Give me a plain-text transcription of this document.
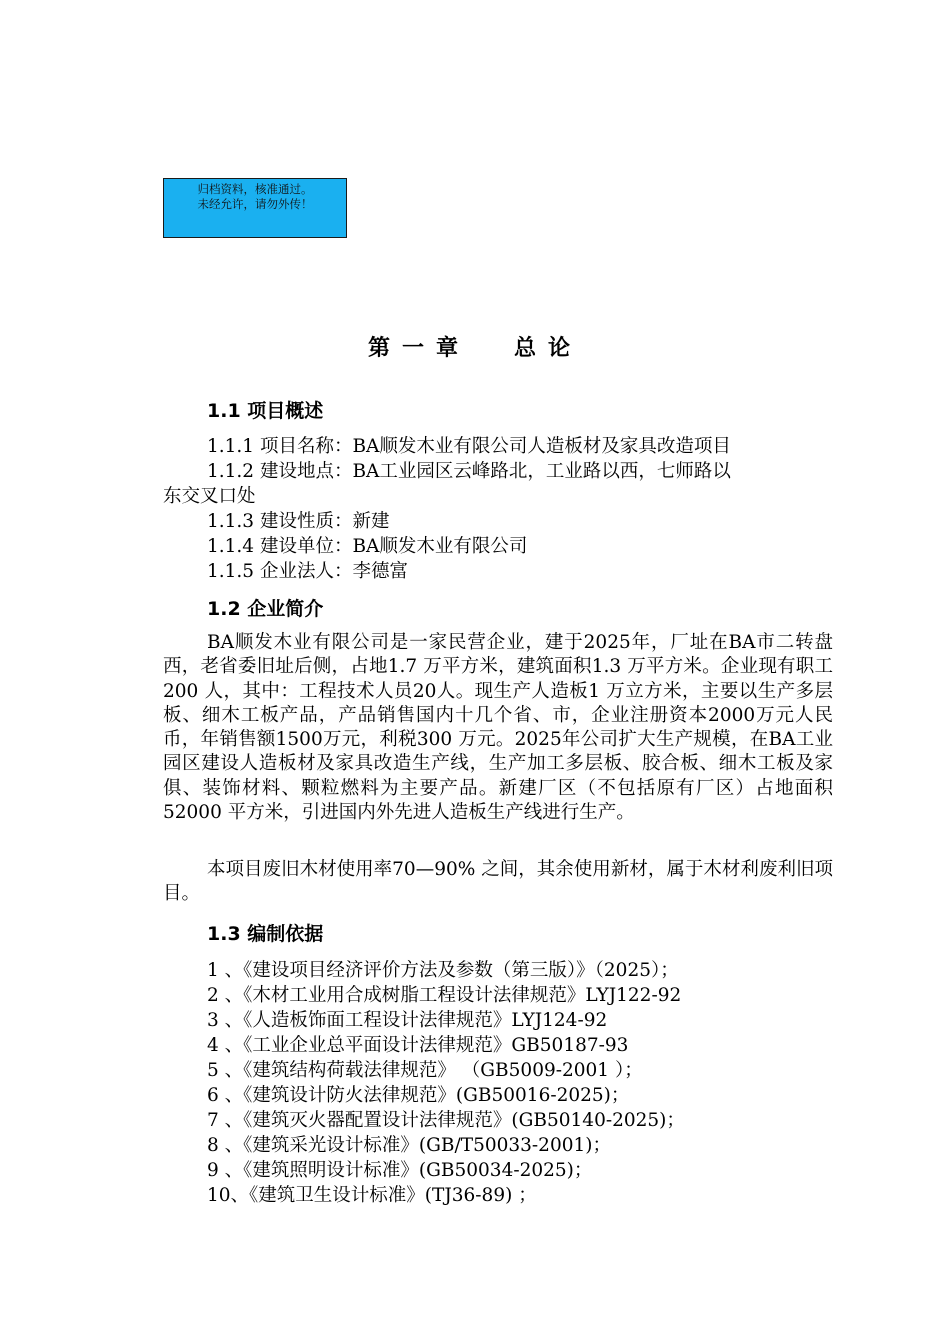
归档资料，核准通过。
未经允许，请勿外传！
第一章 总论
1.1 项目概述
1.1.1 项目名称：BA顺发木业有限公司人造板材及家具改造项目
1.1.2 建设地点：BA工业园区云峰路北，工业路以西，七师路以
东交叉口处
1.1.3 建设性质：新建
1.1.4 建设单位：BA顺发木业有限公司
1.1.5 企业法人：李德富
1.2 企业简介

BA顺发木业有限公司是一家民营企业，建于2025年，厂址在BA市二转盘西，老省委旧址后侧，占地1.7 万平方米，建筑面积1.3 万平方米。企业现有职工200 人，其中：工程技术人员20人。现生产人造板1 万立方米，主要以生产多层板、细木工板产品，产品销售国内十几个省、市，企业注册资本2000万元人民币，年销售额1500万元，利税300 万元。2025年公司扩大生产规模，在BA工业园区建设人造板材及家具改造生产线，生产加工多层板、胶合板、细木工板及家俱、装饰材料、颗粒燃料为主要产品。新建厂区（不包括原有厂区）占地面积52000 平方米，引进国内外先进人造板生产线进行生产。

本项目废旧木材使用率70—90% 之间，其余使用新材，属于木材利废利旧项目。

1.3 编制依据
1 、《建设项目经济评价方法及参数（第三版）》（2025）；
2 、《木材工业用合成树脂工程设计法律规范》LYJ122-92
3 、《人造板饰面工程设计法律规范》LYJ124-92
4 、《工业企业总平面设计法律规范》GB50187-93
5 、《建筑结构荷载法律规范》 （GB5009-2001 ）；
6 、《建筑设计防火法律规范》(GB50016-2025)；
7 、《建筑灭火器配置设计法律规范》(GB50140-2025)；
8 、《建筑采光设计标准》(GB/T50033-2001)；
9 、《建筑照明设计标准》(GB50034-2025)；
10、《建筑卫生设计标准》(TJ36-89) ；
